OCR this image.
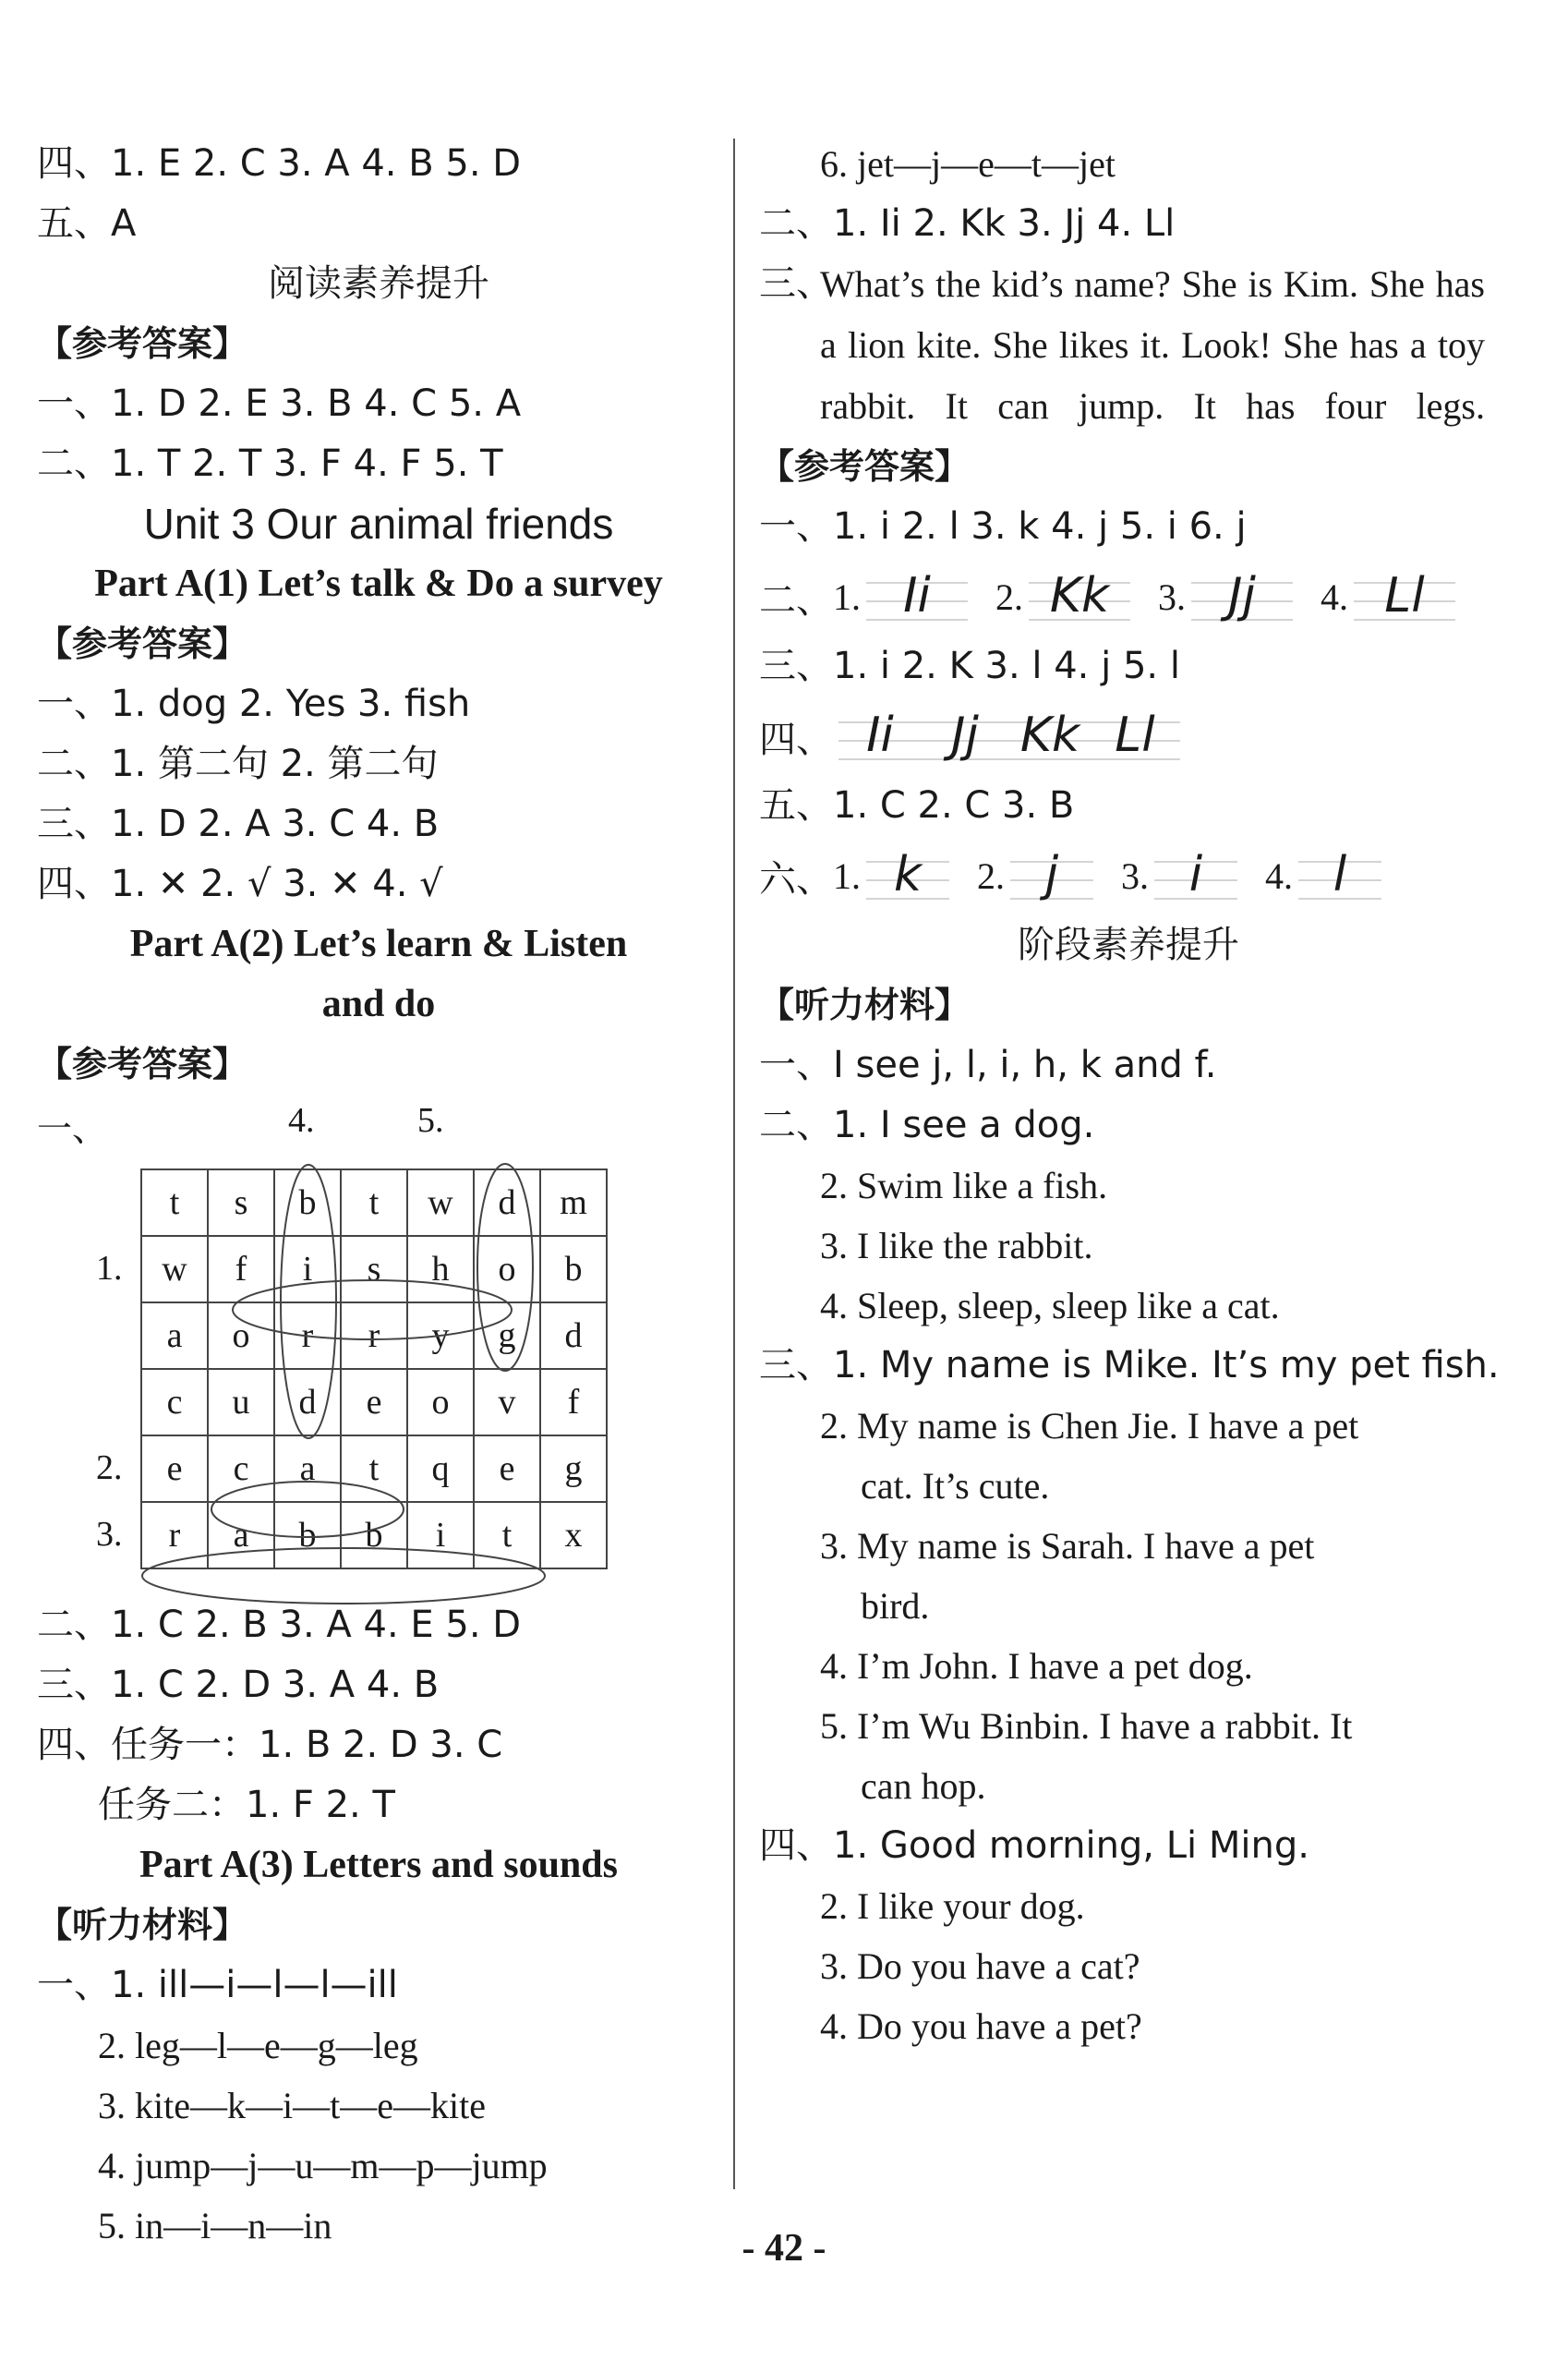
四、1. E 2. C 3. A 4. B 5. D
五、A
阅读素养提升
【参考答案】
一、1. D 2. E 3. B 4. C 5. A
二、1. T 2. T 3. F 4. F 5. T
Unit 3 Our animal friends
Part A(1) Let’s talk & Do a survey
【参考答案】
一、1. dog 2. Yes 3. fish
二、1. 第二句 2. 第二句
三、1. D 2. A 3. C 4. B
四、1. ✕ 2. √ 3. ✕ 4. √
Part A(2) Let’s learn & Listen
and do
【参考答案】
一、	4.	5.
1.
2.
3.
t	s	b	t	w	d	m
w	f	i	s	h	o	b
a	o	r	r	y	g	d
c	u	d	e	o	v	f
e	c	a	t	q	e	g
r	a	b	b	i	t	x
二、1. C 2. B 3. A 4. E 5. D
三、1. C 2. D 3. A 4. B
四、任务一：1. B 2. D 3. C
任务二：1. F 2. T
Part A(3) Letters and sounds
【听力材料】
一、1. ill—i—l—l—ill
2. leg—l—e—g—leg
3. kite—k—i—t—e—kite
4. jump—j—u—m—p—jump
5. in—i—n—in
6. jet—j—e—t—jet
二、1. Ii 2. Kk 3. Jj 4. Ll
三、
What’s the kid’s name? She is Kim. She has a lion kite. She likes it. Look! She has a toy rabbit. It can jump. It has four legs.
【参考答案】
一、1. i 2. l 3. k 4. j 5. i 6. j
二、 1. Ii	2. Kk	3. Jj	4. Ll
三、1. i 2. K 3. l 4. j 5. l
四、 Ii	Jj Kk Ll
五、1. C 2. C 3. B
六、 1. k	2. j	3. i	4. l
阶段素养提升
【听力材料】
一、I see j, l, i, h, k and f.
二、1. I see a dog.
2. Swim like a fish.
3. I like the rabbit.
4. Sleep, sleep, sleep like a cat.
三、1. My name is Mike. It’s my pet fish.
2. My name is Chen Jie. I have a pet
cat. It’s cute.
3. My name is Sarah. I have a pet
bird.
4. I’m John. I have a pet dog.
5. I’m Wu Binbin. I have a rabbit. It
can hop.
四、1. Good morning, Li Ming.
2. I like your dog.
3. Do you have a cat?
4. Do you have a pet?
- 42 -
